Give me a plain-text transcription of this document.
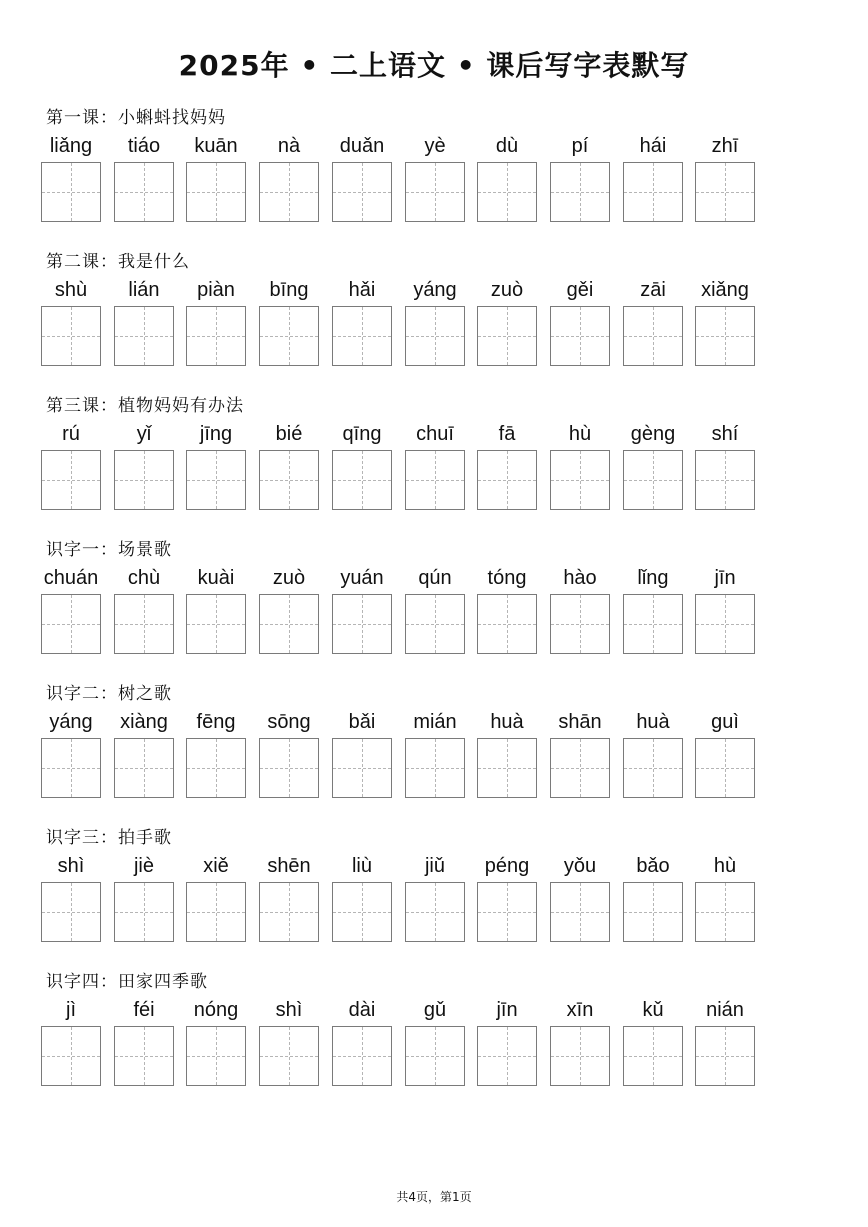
2025年 • 二上语文 • 课后写字表默写
第一课：小蝌蚪找妈妈
liǎng	tiáo	kuān	nà	duǎn	yè	dù	pí	hái	zhī
第二课：我是什么
shù	lián	piàn	bīng	hǎi	yáng	zuò	gěi	zāi	xiǎng
第三课：植物妈妈有办法
rú	yǐ	jīng	bié	qīng	chuī	fā	hù	gèng	shí
识字一：场景歌
chuán	chù	kuài	zuò	yuán	qún	tóng	hào	lǐng	jīn
识字二：树之歌
yáng	xiàng	fēng	sōng	bǎi	mián	huà	shān	huà	guì
识字三：拍手歌
shì	jiè	xiě	shēn	liù	jiǔ	péng	yǒu	bǎo	hù
识字四：田家四季歌
jì	féi	nóng	shì	dài	gǔ	jīn	xīn	kǔ	nián
共4页，第1页
